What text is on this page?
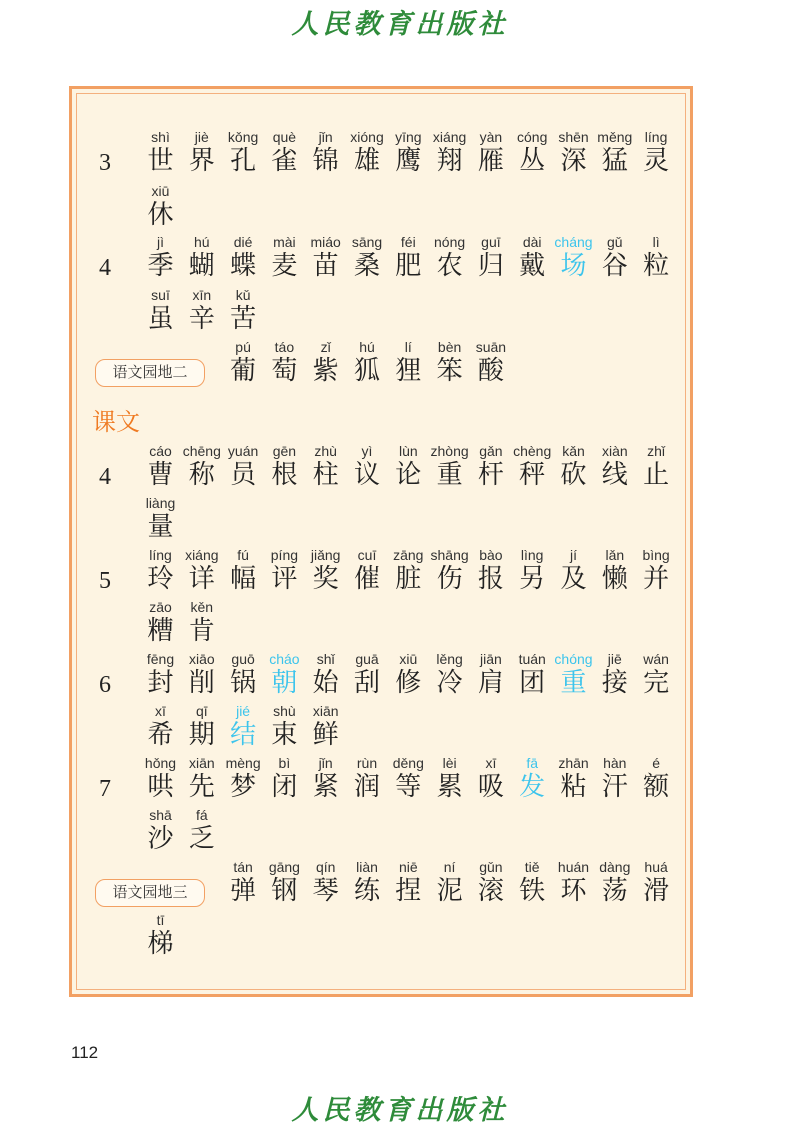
人民教育出版社
3
shì
世
jiè
界
kǒng
孔
què
雀
jǐn
锦
xióng
雄
yīng
鹰
xiáng
翔
yàn
雁
cóng
丛
shēn
深
měng
猛
líng
灵
xiū
休
4
jì
季
hú
蝴
dié
蝶
mài
麦
miáo
苗
sāng
桑
féi
肥
nóng
农
guī
归
dài
戴
cháng
场
gǔ
谷
lì
粒
suī
虽
xīn
辛
kǔ
苦
语文园地二
pú
葡
táo
萄
zǐ
紫
hú
狐
lí
狸
bèn
笨
suān
酸
4
cáo
曹
chēng
称
yuán
员
gēn
根
zhù
柱
yì
议
lùn
论
zhòng
重
gǎn
杆
chèng
秤
kǎn
砍
xiàn
线
zhǐ
止
liàng
量
5
líng
玲
xiáng
详
fú
幅
píng
评
jiǎng
奖
cuī
催
zāng
脏
shāng
伤
bào
报
lìng
另
jí
及
lǎn
懒
bìng
并
zāo
糟
kěn
肯
6
fēng
封
xiāo
削
guō
锅
cháo
朝
shǐ
始
guā
刮
xiū
修
lěng
冷
jiān
肩
tuán
团
chóng
重
jiē
接
wán
完
xī
希
qī
期
jié
结
shù
束
xiān
鲜
7
hǒng
哄
xiān
先
mèng
梦
bì
闭
jǐn
紧
rùn
润
děng
等
lèi
累
xī
吸
fā
发
zhān
粘
hàn
汗
é
额
shā
沙
fá
乏
语文园地三
tán
弹
gāng
钢
qín
琴
liàn
练
niē
捏
ní
泥
gǔn
滚
tiě
铁
huán
环
dàng
荡
huá
滑
tī
梯
课文
112
人民教育出版社
